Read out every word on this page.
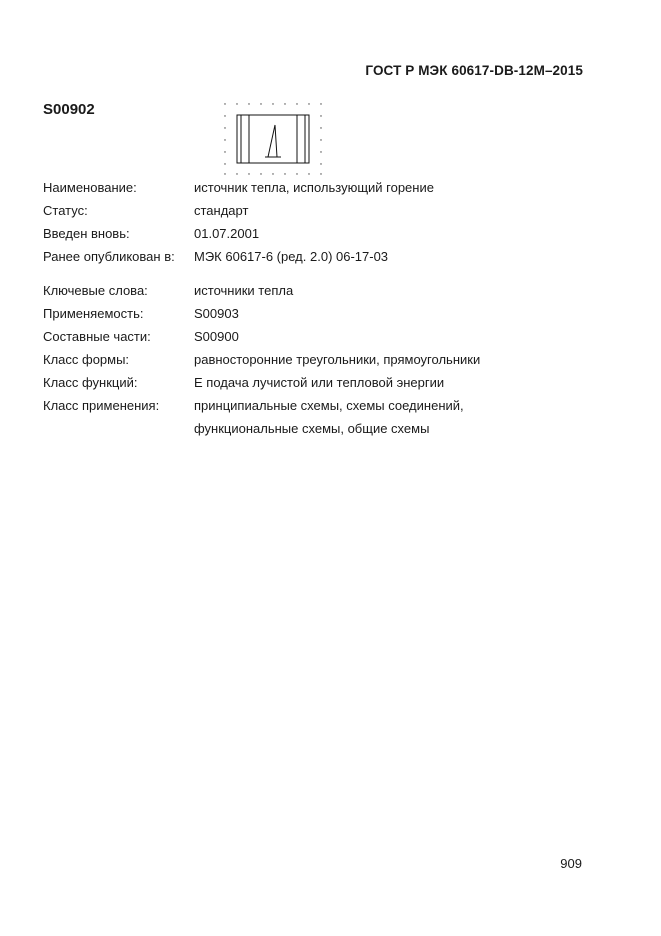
ГОСТ Р МЭК 60617-DB-12M–2015
S00902
Наименование:	источник тепла, использующий горение
Статус:	стандарт
Введен вновь:	01.07.2001
Ранее опубликован в:	МЭК 60617-6 (ред. 2.0) 06-17-03
Ключевые слова:	источники тепла
Применяемость:	S00903
Составные части:	S00900
Класс формы:	равносторонние треугольники, прямоугольники
Класс функций:	E подача лучистой или тепловой энергии
Класс применения:	принципиальные схемы, схемы соединений,
функциональные схемы, общие схемы
909
